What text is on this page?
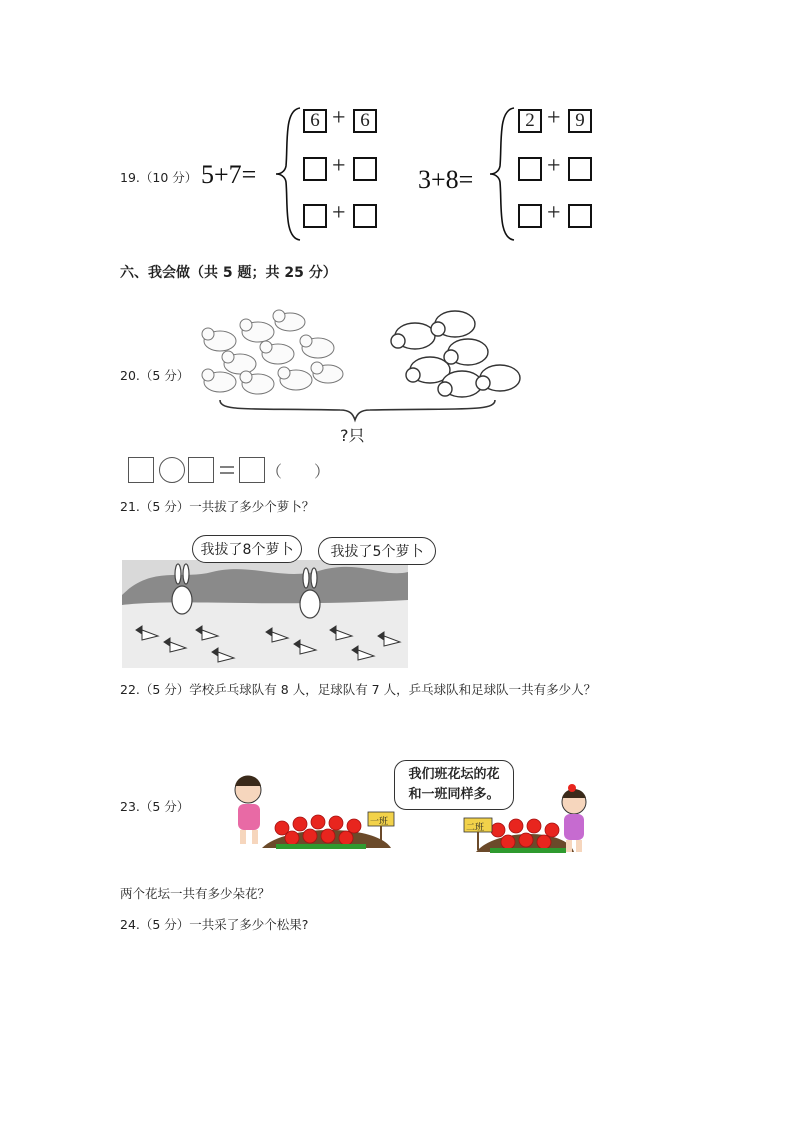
19.（10 分） 5+7=
6 + 6
+
+
3+8=
2 + 9
+
+
六、我会做（共 5 题；共 25 分）
20.（5 分）
?只
（　　）
21.（5 分）一共拔了多少个萝卜？
我拔了8个萝卜	我拔了5个萝卜
22.（5 分）学校乒乓球队有 8 人，足球队有 7 人，乒乓球队和足球队一共有多少人？
23.（5 分）
一班
二班
我们班花坛的花
和一班同样多。
两个花坛一共有多少朵花？
24.（5 分）一共采了多少个松果?
